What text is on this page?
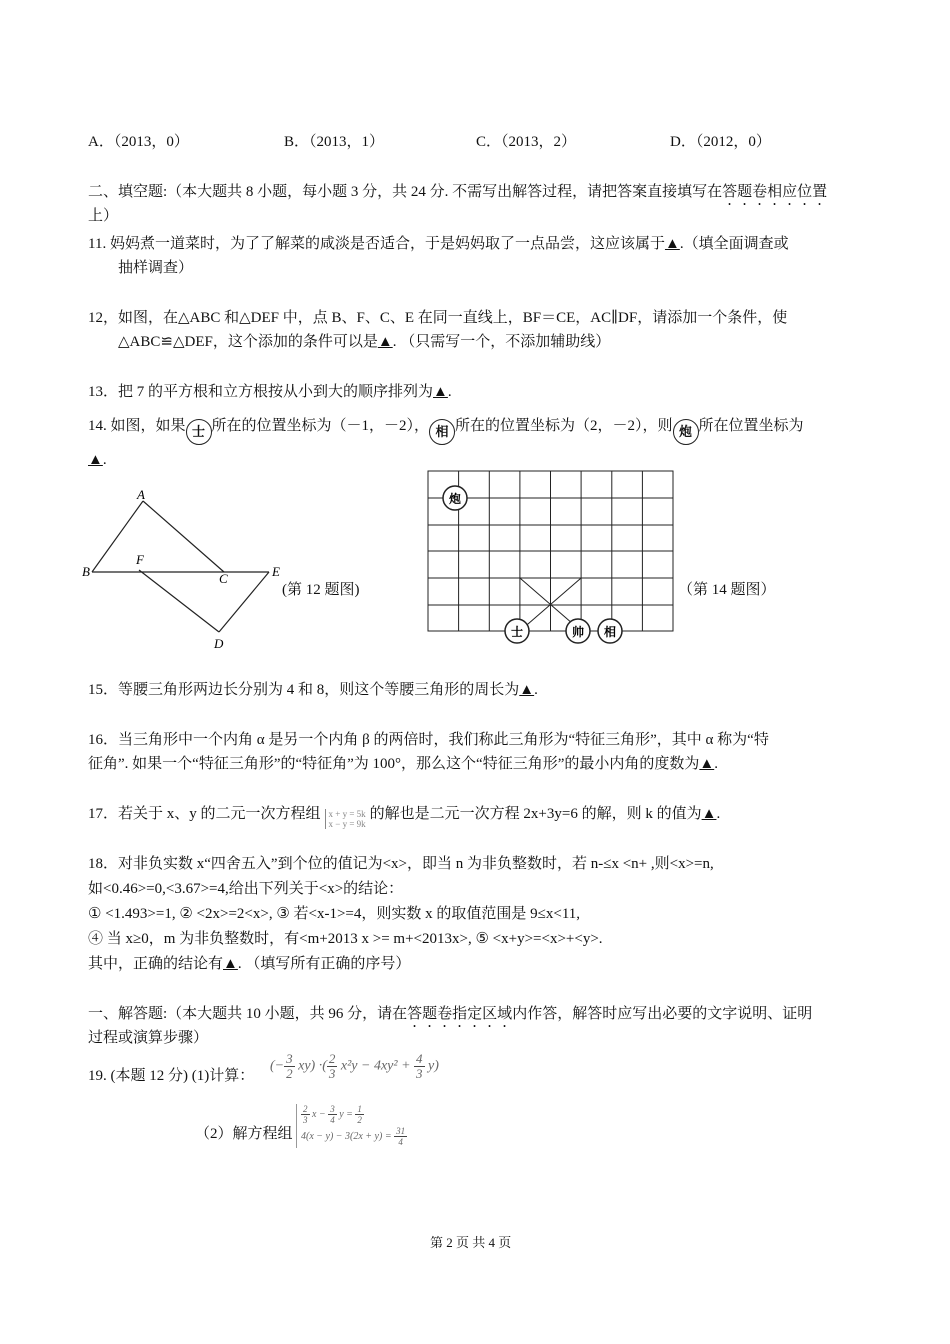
A．（2013，0）	B．（2013，1）	C．（2013，2）	D．（2012，0）
二、填空题:（本大题共 8 小题，每小题 3 分，共 24 分. 不需写出解答过程，请把答案直接填写在答题卷相应位置
上）
11. 妈妈煮一道菜时，为了了解菜的咸淡是否适合，于是妈妈取了一点品尝，这应该属于▲.（填全面调查或
抽样调查）
12，如图，在△ABC 和△DEF 中，点 B、F、C、E 在同一直线上，BF＝CE，AC∥DF，请添加一个条件，使
△ABC≌△DEF，这个添加的条件可以是▲. （只需写一个，不添加辅助线）
13．把 7 的平方根和立方根按从小到大的顺序排列为▲.
14. 如图，如果 士 所在的位置坐标为（－1，－2）， 相 所在的位置坐标为（2，－2），则 炮 所在位置坐标为
▲.
A
B
F
C	E
D
(第 12 题图)
炮
士	帅 相
（第 14 题图）
15．等腰三角形两边长分别为 4 和 8，则这个等腰三角形的周长为▲.
16．当三角形中一个内角 α 是另一个内角 β 的两倍时，我们称此三角形为“特征三角形”，其中 α 称为“特
征角”. 如果一个“特征三角形”的“特征角”为 100°，那么这个“特征三角形”的最小内角的度数为▲.
17．若关于 x、y 的二元一次方程组 x + y = 5k
x − y = 9k
的解也是二元一次方程 2x+3y=6 的解，则 k 的值为▲.
18．对非负实数 x“四舍五入”到个位的值记为<x>，即当 n 为非负整数时，若 n-≤x <n+ ,则<x>=n,
如<0.46>=0,<3.67>=4,给出下列关于<x>的结论：
① <1.493>=1, ② <2x>=2<x>, ③ 若<x-1>=4，则实数 x 的取值范围是 9≤x<11,
④ 当 x≥0，m 为非负整数时，有<m+2013 x >= m+<2013x>, ⑤ <x+y>=<x>+<y>.
其中，正确的结论有▲. （填写所有正确的序号）
一、解答题:（本大题共 10 小题，共 96 分，请在答题卷指定区域内作答，解答时应写出必要的文字说明、证明
过程或演算步骤）
19. (本题 12 分) (1)计算：
(− $\frac{3}{2} xy$) ·( $\frac{2}{3} x^2y - 4xy^2 + \frac{4}{3} y$)
（2）解方程组
$\frac{2}{3}$ $x - \frac{3}{4}$ $y = \frac{1}{2}$
$4(x - y) - 3(2x + y) = \frac{31}{4}$
第 2 页 共 4 页
